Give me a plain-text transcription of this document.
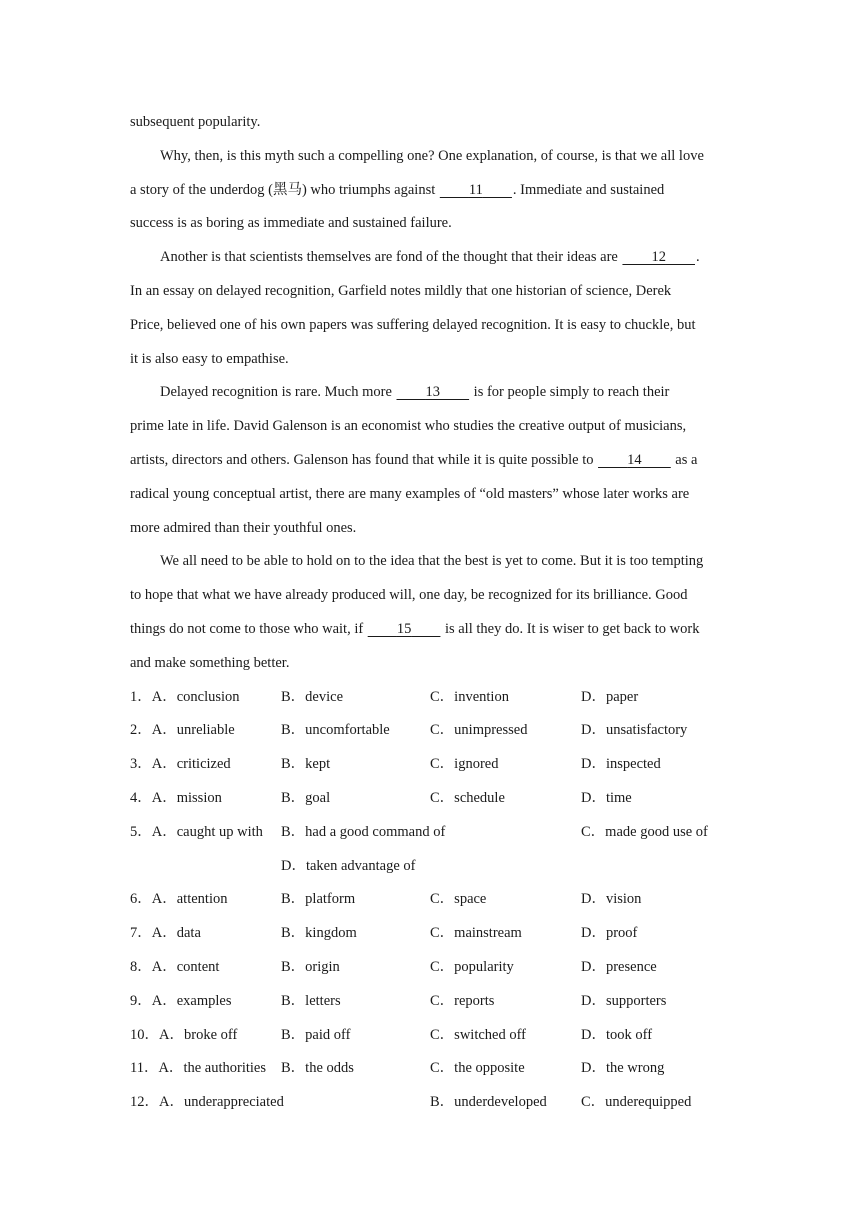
subsequent popularity.
Why, then, is this myth such a compelling one? One explanation, of course, is that we all love
a story of the underdog (黑马) who triumphs against     11     . Immediate and sustained
success is as boring as immediate and sustained failure.
Another is that scientists themselves are fond of the thought that their ideas are     12     .
In an essay on delayed recognition, Garfield notes mildly that one historian of science, Derek
Price, believed one of his own papers was suffering delayed recognition. It is easy to chuckle, but
it is also easy to empathise.
Delayed recognition is rare. Much more     13     is for people simply to reach their
prime late in life. David Galenson is an economist who studies the creative output of musicians,
artists, directors and others. Galenson has found that while it is quite possible to     14     as a
radical young conceptual artist, there are many examples of “old masters” whose later works are
more admired than their youthful ones.
We all need to be able to hold on to the idea that the best is yet to come. But it is too tempting
to hope that what we have already produced will, one day, be recognized for its brilliance. Good
things do not come to those who wait, if     15     is all they do. It is wiser to get back to work
and make something better.
1．A．conclusion	B．device	C．invention	D．paper
2．A．unreliable	B．uncomfortable	C．unimpressed	D．unsatisfactory
3．A．criticized	B．kept	C．ignored	D．inspected
4．A．mission	B．goal	C．schedule	D．time
5．A．caught up with B．had a good command of	C．made good use of
D．taken advantage of
6．A．attention	B．platform	C．space	D．vision
7．A．data	B．kingdom	C．mainstream	D．proof
8．A．content	B．origin	C．popularity	D．presence
9．A．examples	B．letters	C．reports	D．supporters
10．A．broke off	B．paid off	C．switched off	D．took off
11．A．the authorities B．the odds	C．the opposite	D．the wrong
12．A．underappreciated	B．underdeveloped C．underequipped
